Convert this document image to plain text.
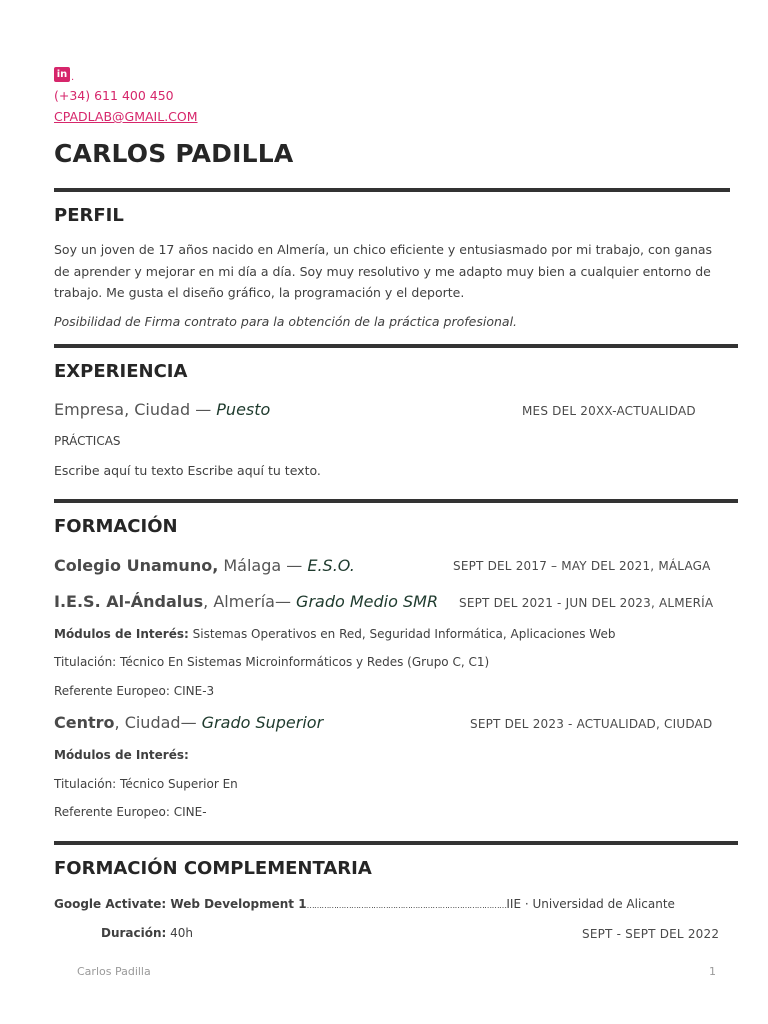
in .
(+34) 611 400 450
CPADLAB@GMAIL.COM
CARLOS PADILLA
PERFIL
Soy un joven de 17 años nacido en Almería, un chico eficiente y entusiasmado por mi trabajo, con ganas
de aprender y mejorar en mi día a día. Soy muy resolutivo y me adapto muy bien a cualquier entorno de
trabajo. Me gusta el diseño gráfico, la programación y el deporte.
Posibilidad de Firma contrato para la obtención de la práctica profesional.
EXPERIENCIA
Empresa, Ciudad — Puesto	MES DEL 20XX-ACTUALIDAD
PRÁCTICAS
Escribe aquí tu texto Escribe aquí tu texto.
FORMACIÓN
Colegio Unamuno, Málaga — E.S.O.	SEPT DEL 2017 – MAY DEL 2021, MÁLAGA
I.E.S. Al-Ándalus, Almería— Grado Medio SMR SEPT DEL 2021 - JUN DEL 2023, ALMERÍA
Módulos de Interés: Sistemas Operativos en Red, Seguridad Informática, Aplicaciones Web
Titulación: Técnico En Sistemas Microinformáticos y Redes (Grupo C, C1)
Referente Europeo: CINE-3
Centro, Ciudad— Grado Superior	SEPT DEL 2023 - ACTUALIDAD, CIUDAD
Módulos de Interés:
Titulación: Técnico Superior En
Referente Europeo: CINE-
FORMACIÓN COMPLEMENTARIA
Google Activate: Web Development 1………………………………………………………………………IIE · Universidad de Alicante
Duración: 40h	SEPT - SEPT DEL 2022
Carlos Padilla	1
